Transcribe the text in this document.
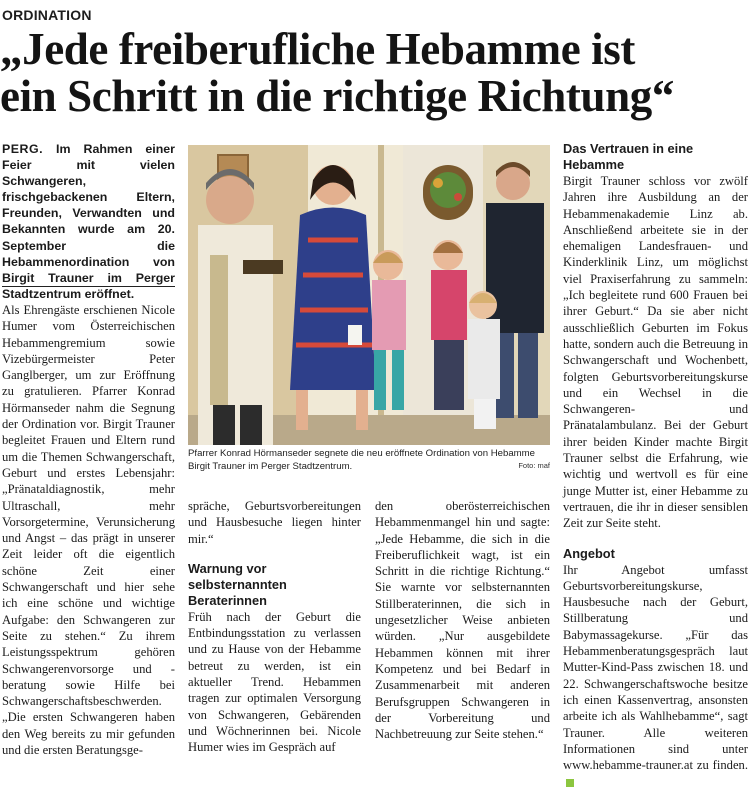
ORDINATION
„Jede freiberufliche Hebamme ist
ein Schritt in die richtige Richtung“
PERG. Im Rahmen einer Feier mit vielen Schwangeren, frischgebackenen Eltern, Freunden, Verwandten und Bekannten wurde am 20. September die Hebammenordination von Birgit Trauner im Perger Stadtzentrum eröffnet.

Als Ehrengäste erschienen Nicole Humer vom Österreichischen Hebammengremium sowie Vizebürgermeister Peter Ganglberger, um zur Eröffnung zu gratulieren. Pfarrer Konrad Hörmanseder nahm die Segnung der Ordination vor. Birgit Trauner begleitet Frauen und Eltern rund um die Themen Schwangerschaft, Geburt und erstes Lebensjahr: „Pränataldiagnostik, mehr Ultraschall, mehr Vorsorgetermine, Verunsicherung und Angst – das prägt in unserer Zeit leider oft die eigentlich schöne Zeit einer Schwangerschaft und hier sehe ich eine schöne und wichtige Aufgabe: den Schwangeren zur Seite zu stehen.“ Zu ihrem Leistungsspektrum gehören Schwangerenvorsorge und -beratung sowie Hilfe bei Schwangerschaftsbeschwerden. „Die ersten Schwangeren haben den Weg bereits zu mir gefunden und die ersten Beratungsge-

Pfarrer Konrad Hörmanseder segnete die neu eröffnete Ordination von Hebamme Birgit Trauner im Perger Stadtzentrum.	Foto: maf

spräche, Geburtsvorbereitungen und Hausbesuche liegen hinter mir.“

Warnung vor selbsternannten Beraterinnen

Früh nach der Geburt die Entbindungsstation zu verlassen und zu Hause von der Hebamme betreut zu werden, ist ein aktueller Trend. Hebammen tragen zur optimalen Versorgung von Schwangeren, Gebärenden und Wöchnerinnen bei. Nicole Humer wies im Gespräch auf

den oberösterreichischen Hebammenmangel hin und sagte: „Jede Hebamme, die sich in die Freiberuflichkeit wagt, ist ein Schritt in die richtige Richtung.“ Sie warnte vor selbsternannten Stillberaterinnen, die sich in ungesetzlicher Weise anbieten würden. „Nur ausgebildete Hebammen können mit ihrer Kompetenz und bei Bedarf in Zusammenarbeit mit anderen Berufsgruppen Schwangeren in der Vorbereitung und Nachbetreuung zur Seite stehen.“

Das Vertrauen in eine Hebamme

Birgit Trauner schloss vor zwölf Jahren ihre Ausbildung an der Hebammenakademie Linz ab. Anschließend arbeitete sie in der ehemaligen Landesfrauen- und Kinderklinik Linz, um möglichst viel Praxiserfahrung zu sammeln: „Ich begleitete rund 600 Frauen bei ihrer Geburt.“ Da sie aber nicht ausschließlich Geburten im Fokus hatte, sondern auch die Betreuung in Schwangerschaft und Wochenbett, folgten Geburtsvorbereitungskurse und ein Wechsel in die Schwangeren- und Pränatalambulanz. Bei der Geburt ihrer beiden Kinder machte Birgit Trauner selbst die Erfahrung, wie wichtig und wertvoll es für eine junge Mutter ist, einer Hebamme zu vertrauen, die ihr in dieser sensiblen Zeit zur Seite steht.

Angebot

Ihr Angebot umfasst Geburtsvorbereitungskurse, Hausbesuche nach der Geburt, Stillberatung und Babymassagekurse. „Für das Hebammenberatungsgespräch laut Mutter-Kind-Pass zwischen 18. und 22. Schwangerschaftswoche besitze ich einen Kassenvertrag, ansonsten arbeite ich als Wahlhebamme“, sagt Trauner. Alle weiteren Informationen sind unter www.hebamme-trauner.at zu finden.
